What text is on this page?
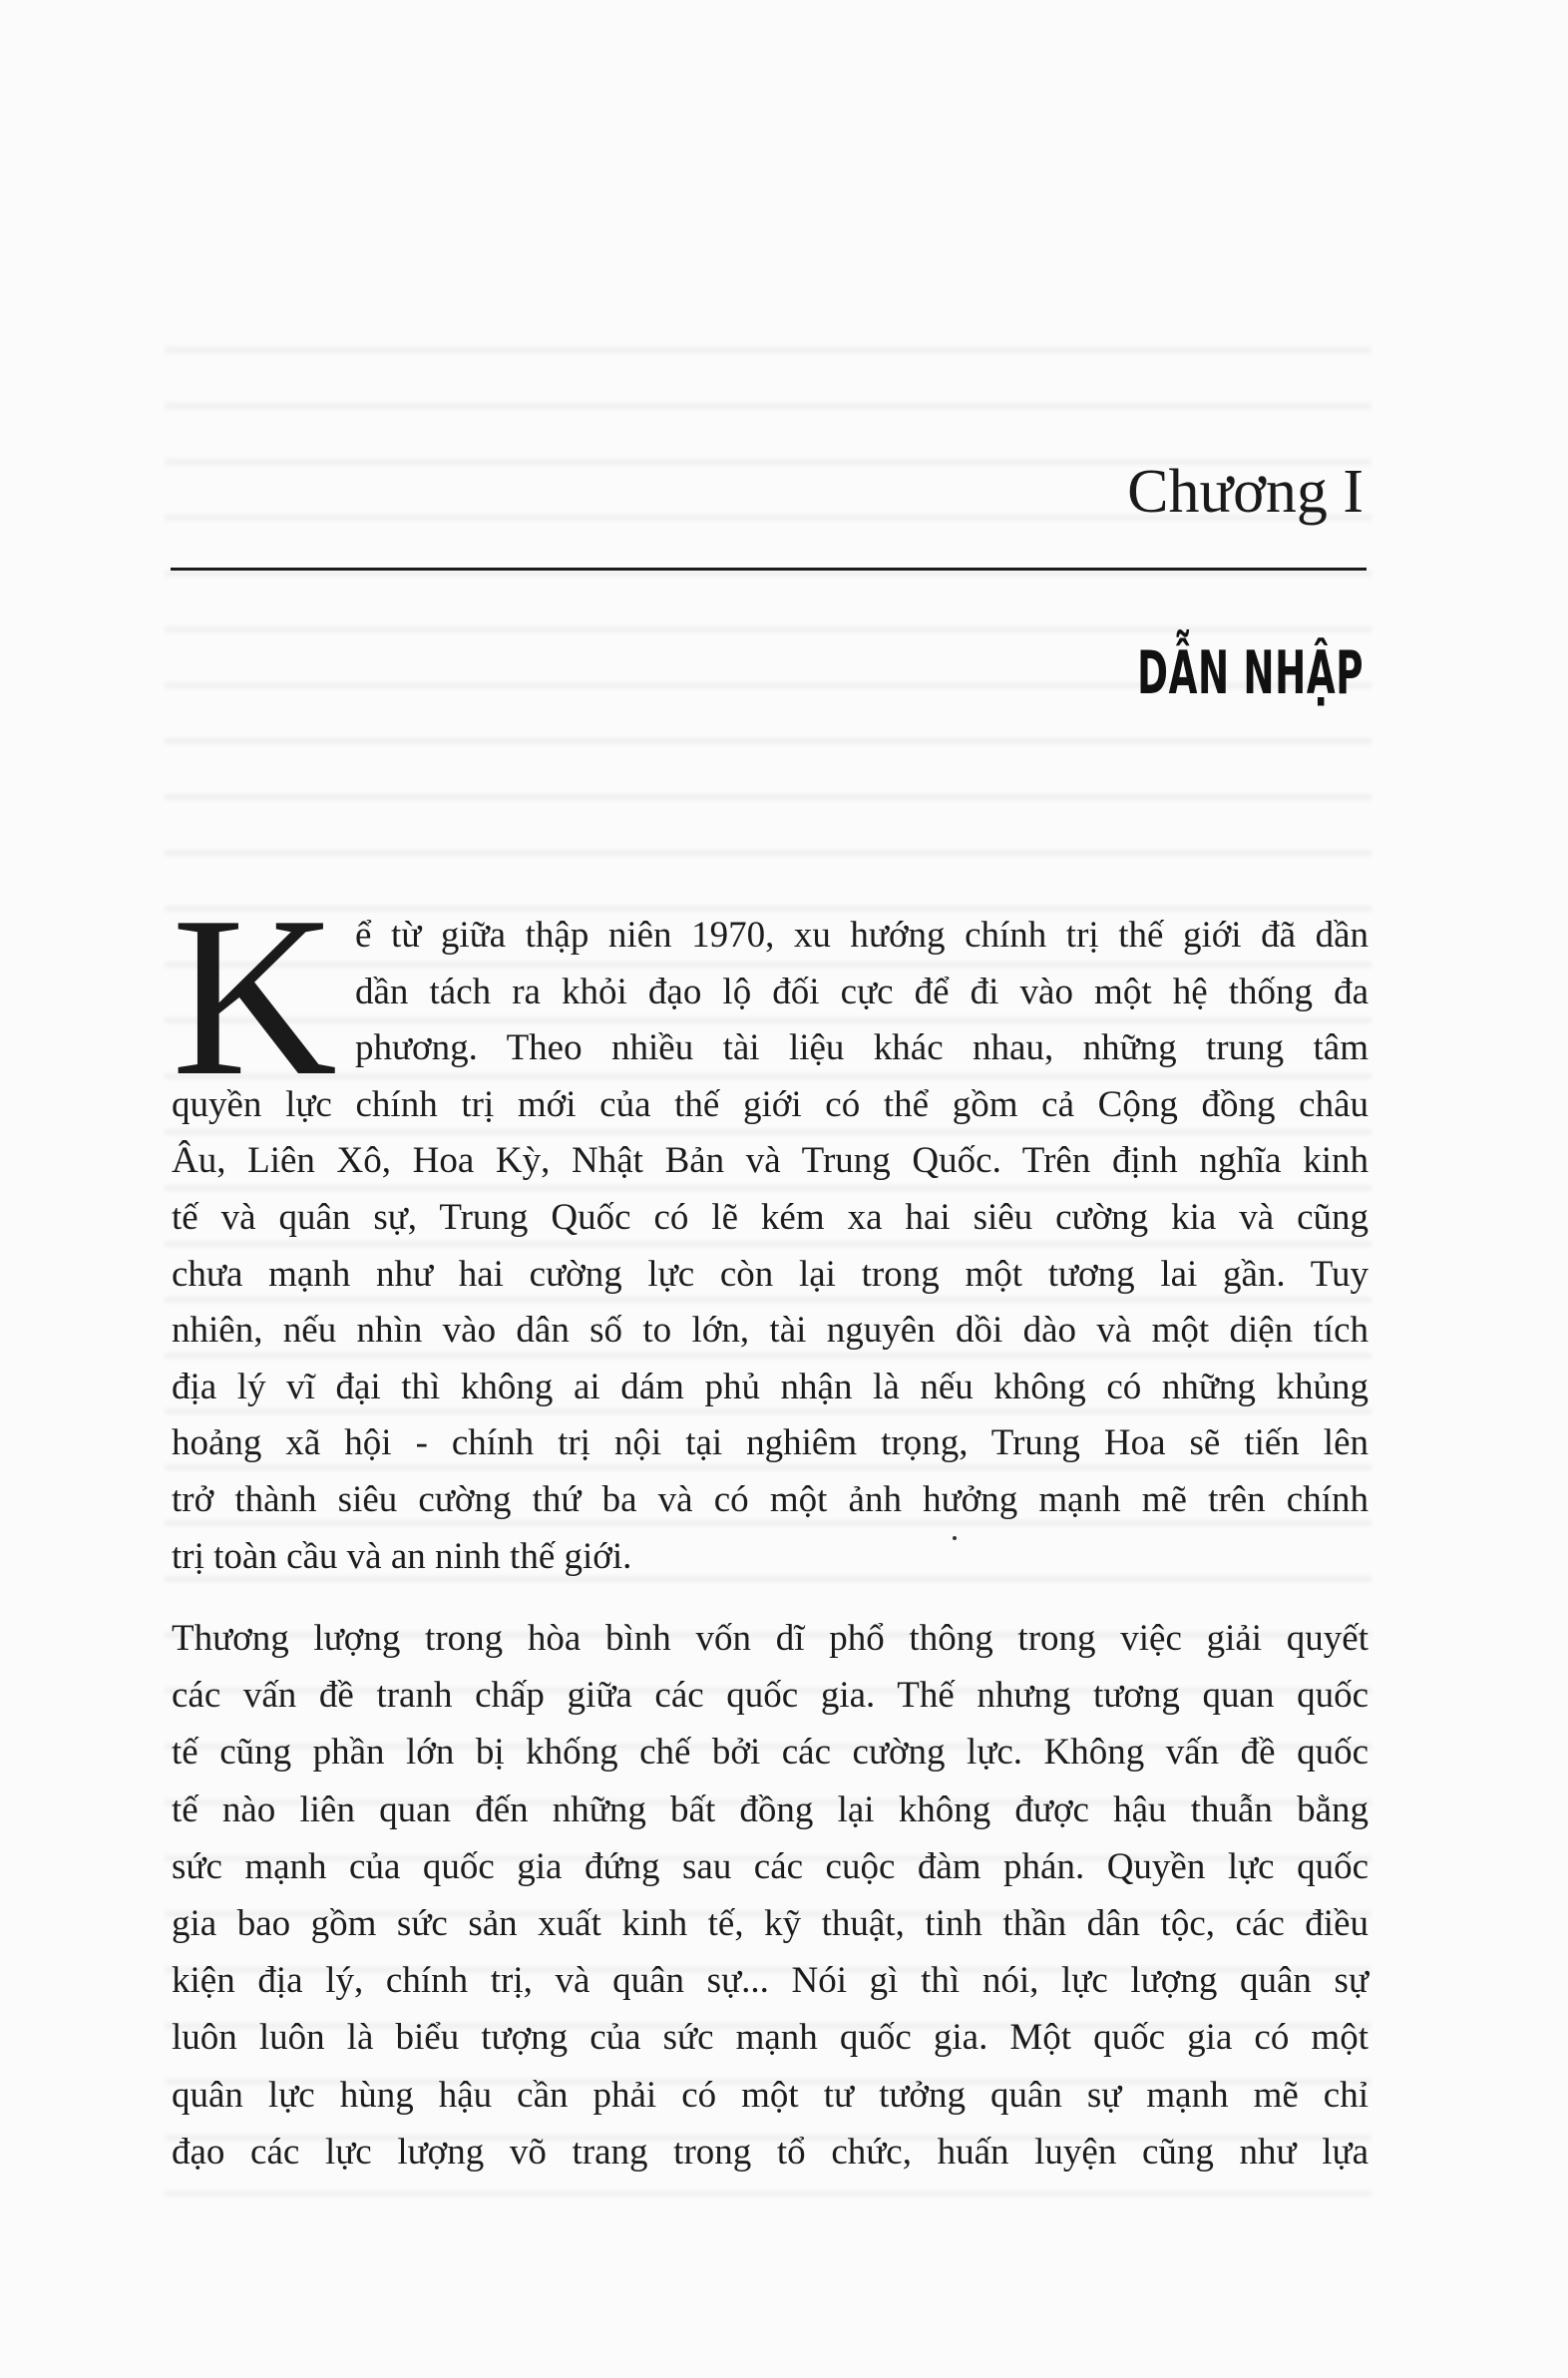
Chương I
DẪN NHẬP
K ể từ giữa thập niên 1970, xu hướng chính trị thế giới đã dần
dần tách ra khỏi đạo lộ đối cực để đi vào một hệ thống đa
phương. Theo nhiều tài liệu khác nhau, những trung tâm
quyền lực chính trị mới của thế giới có thể gồm cả Cộng đồng châu
Âu, Liên Xô, Hoa Kỳ, Nhật Bản và Trung Quốc. Trên định nghĩa kinh
tế và quân sự, Trung Quốc có lẽ kém xa hai siêu cường kia và cũng
chưa mạnh như hai cường lực còn lại trong một tương lai gần. Tuy
nhiên, nếu nhìn vào dân số to lớn, tài nguyên dồi dào và một diện tích
địa lý vĩ đại thì không ai dám phủ nhận là nếu không có những khủng
hoảng xã hội - chính trị nội tại nghiêm trọng, Trung Hoa sẽ tiến lên
trở thành siêu cường thứ ba và có một ảnh hưởng mạnh mẽ trên chính
trị toàn cầu và an ninh thế giới.
Thương lượng trong hòa bình vốn dĩ phổ thông trong việc giải quyết
các vấn đề tranh chấp giữa các quốc gia. Thế nhưng tương quan quốc
tế cũng phần lớn bị khống chế bởi các cường lực. Không vấn đề quốc
tế nào liên quan đến những bất đồng lại không được hậu thuẫn bằng
sức mạnh của quốc gia đứng sau các cuộc đàm phán. Quyền lực quốc
gia bao gồm sức sản xuất kinh tế, kỹ thuật, tinh thần dân tộc, các điều
kiện địa lý, chính trị, và quân sự... Nói gì thì nói, lực lượng quân sự
luôn luôn là biểu tượng của sức mạnh quốc gia. Một quốc gia có một
quân lực hùng hậu cần phải có một tư tưởng quân sự mạnh mẽ chỉ
đạo các lực lượng võ trang trong tổ chức, huấn luyện cũng như lựa
